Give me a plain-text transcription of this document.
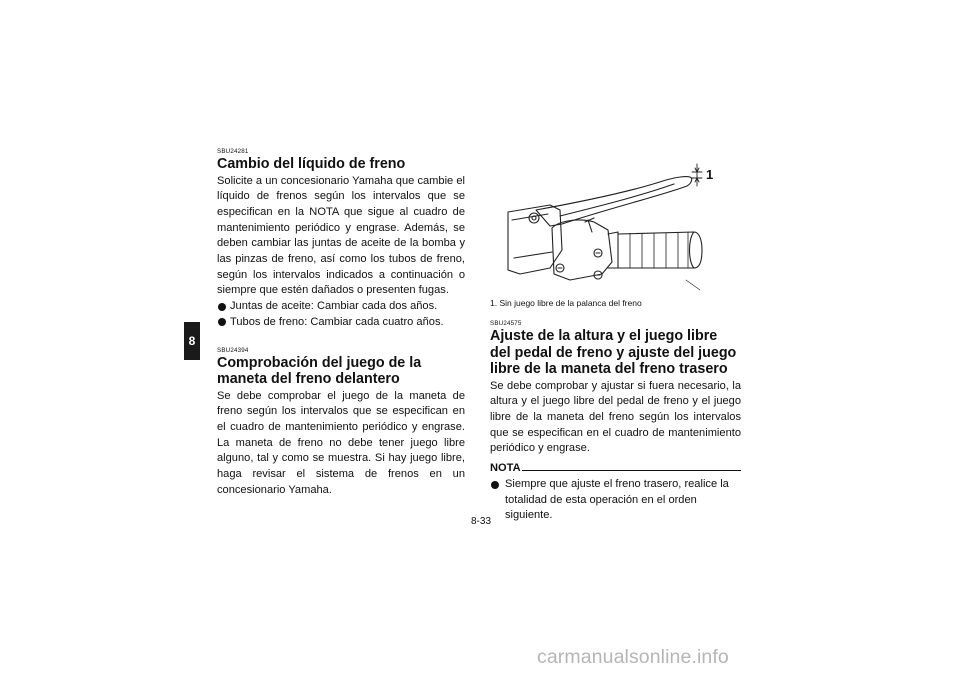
8

SBU24281

Cambio del líquido de freno

Solicite a un concesionario Yamaha que cambie el líquido de frenos según los intervalos que se especifican en la NOTA que sigue al cuadro de mantenimiento periódico y engrase. Además, se deben cambiar las juntas de aceite de la bomba y las pinzas de freno, así como los tubos de freno, según los intervalos indicados a continuación o siempre que estén dañados o presenten fugas.

Juntas de aceite: Cambiar cada dos años.
Tubos de freno: Cambiar cada cuatro años.

SBU24394

Comprobación del juego de la maneta del freno delantero

Se debe comprobar el juego de la maneta de freno según los intervalos que se especifican en el cuadro de mantenimiento periódico y engrase. La maneta de freno no debe tener juego libre alguno, tal y como se muestra. Si hay juego libre, haga revisar el sistema de frenos en un concesionario Yamaha.

1
1. Sin juego libre de la palanca del freno

SBU24575

Ajuste de la altura y el juego libre del pedal de freno y ajuste del juego libre de la maneta del freno trasero

Se debe comprobar y ajustar si fuera necesario, la altura y el juego libre del pedal de freno y el juego libre de la maneta del freno según los intervalos que se especifican en el cuadro de mantenimiento periódico y engrase.

NOTA
Siempre que ajuste el freno trasero, realice la totalidad de esta operación en el orden siguiente.
8-33
carmanualsonline.info
